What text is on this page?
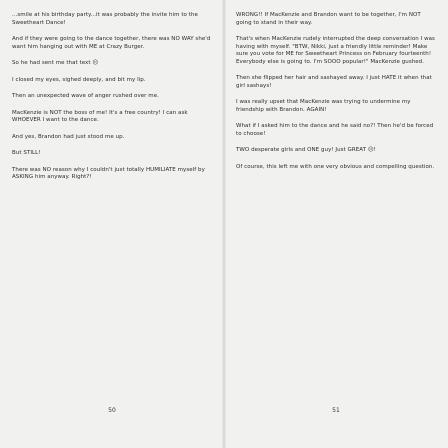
...smile at his birthday party...it was probably the invite him to the Sweetheart Dance!

And if they were going to the dance together, there was NO WAY she'd want him hanging out with ME at Crazy Burger.

So he had sent me that text ☹

I closed my eyes, sighed deeply, and bit my lip.

Then an unexpected wave of anger rushed over me.

MacKenzie is NOT the boss of me! It's a free country! I can ask WHOEVER I want to the dance.

And yes, Brandon had just stood me up.

But STILL!

There was NO reason why I couldn't just totally HUMILIATE myself by ASKING him anyway. Right?!

50

WRONG!! If MacKenzie and Brandon want to be together, I'm NOT going to stand in their way.

That's when MacKenzie rudely interrupted the deep conversation I was having with myself. "BTW, Nikki, just a friendly little reminder! Make sure you vote for ME for Sweetheart Princess on February fourteenth! Everybody else is going to. I'm SOOO popular!" MacKenzie gushed.

Then she flipped her hair and sashayed away. I just HATE it when that girl sashays!

I was really upset that MacKenzie was trying to undermine my friendship with Brandon. AGAIN!

What if I asked him to the dance and he said no?! Then he'd be forced to choose!

TWO desperate girls and ONE guy! Just GREAT ☹!

Of course, this left me with one very obvious and compelling question.

51
